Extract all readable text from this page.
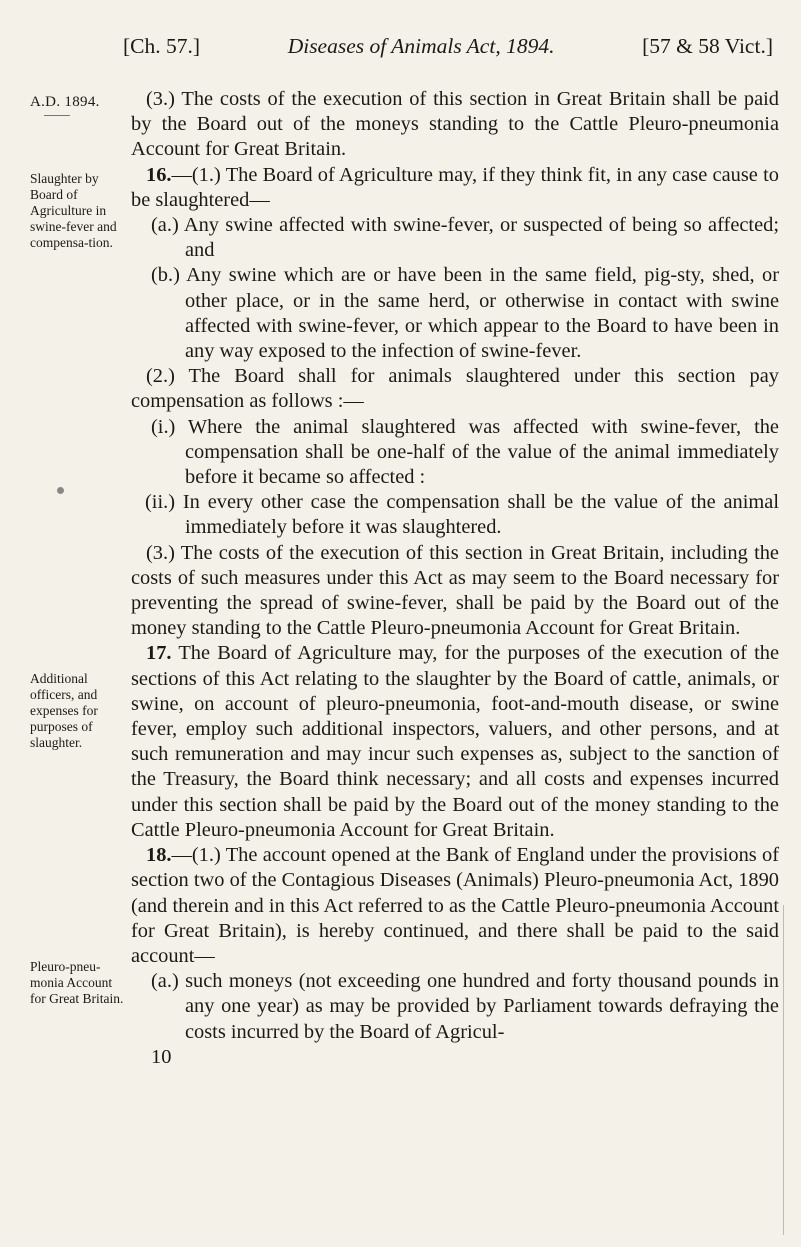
[Ch. 57.]	Diseases of Animals Act, 1894.	[57 & 58 Vict.]
A.D. 1894.
Slaughter by Board of Agriculture in swine-fever and compensa-tion.
Additional officers, and expenses for purposes of slaughter.
Pleuro-pneu-monia Account for Great Britain.

(3.) The costs of the execution of this section in Great Britain shall be paid by the Board out of the moneys standing to the Cattle Pleuro-pneumonia Account for Great Britain.

16.—(1.) The Board of Agriculture may, if they think fit, in any case cause to be slaughtered—

(a.) Any swine affected with swine-fever, or suspected of being so affected; and

(b.) Any swine which are or have been in the same field, pig-sty, shed, or other place, or in the same herd, or otherwise in contact with swine affected with swine-fever, or which appear to the Board to have been in any way exposed to the infection of swine-fever.

(2.) The Board shall for animals slaughtered under this section pay compensation as follows :—

(i.) Where the animal slaughtered was affected with swine-fever, the compensation shall be one-half of the value of the animal immediately before it became so affected :

(ii.) In every other case the compensation shall be the value of the animal immediately before it was slaughtered.

(3.) The costs of the execution of this section in Great Britain, including the costs of such measures under this Act as may seem to the Board necessary for preventing the spread of swine-fever, shall be paid by the Board out of the money standing to the Cattle Pleuro-pneumonia Account for Great Britain.

17. The Board of Agriculture may, for the purposes of the execution of the sections of this Act relating to the slaughter by the Board of cattle, animals, or swine, on account of pleuro-pneumonia, foot-and-mouth disease, or swine fever, employ such additional inspectors, valuers, and other persons, and at such remuneration and may incur such expenses as, subject to the sanction of the Treasury, the Board think necessary; and all costs and expenses incurred under this section shall be paid by the Board out of the money standing to the Cattle Pleuro-pneumonia Account for Great Britain.

18.—(1.) The account opened at the Bank of England under the provisions of section two of the Contagious Diseases (Animals) Pleuro-pneumonia Act, 1890 (and therein and in this Act referred to as the Cattle Pleuro-pneumonia Account for Great Britain), is hereby continued, and there shall be paid to the said account—

(a.) such moneys (not exceeding one hundred and forty thousand pounds in any one year) as may be provided by Parliament towards defraying the costs incurred by the Board of Agricul-

10
